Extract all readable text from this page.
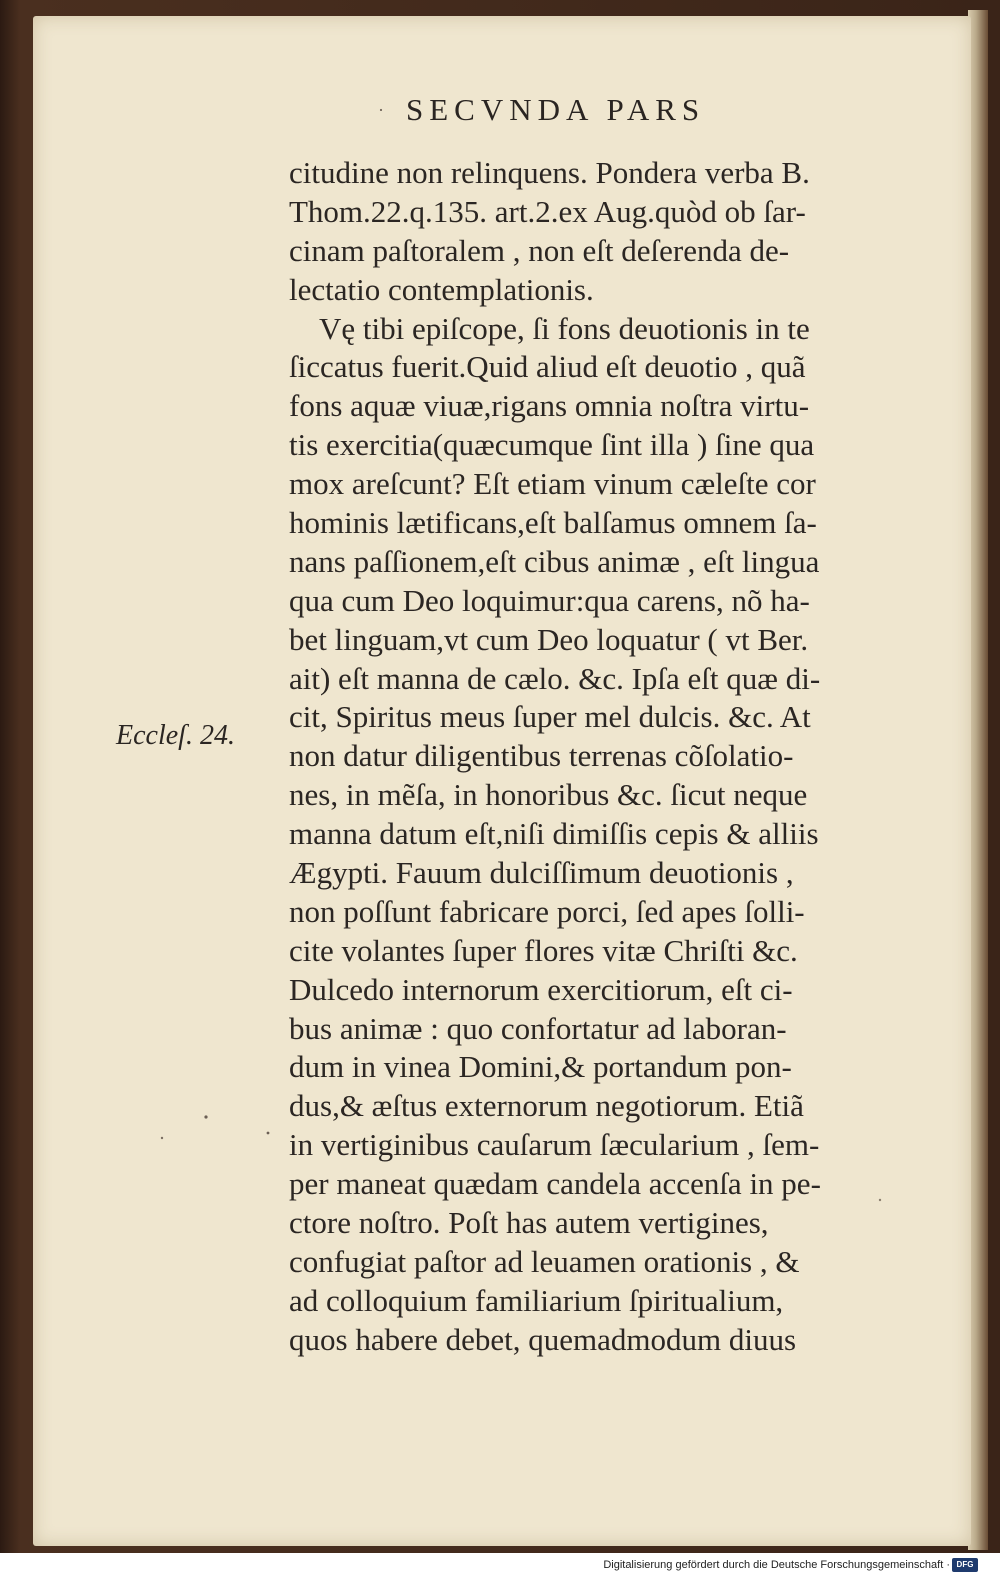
· SECVNDA PARS
Eccleſ. 24.
citudine non relinquens. Pondera verba B.
Thom.22.q.135. art.2.ex Aug.quòd ob ſar-
cinam paſtoralem , non eſt deſerenda de-
lectatio contemplationis.
Vę tibi epiſcope, ſi fons deuotionis in te
ſiccatus fuerit.Quid aliud eſt deuotio , quã
fons aquæ viuæ,rigans omnia noſtra virtu-
tis exercitia(quæcumque ſint illa ) ſine qua
mox areſcunt? Eſt etiam vinum cæleſte cor
hominis lætificans,eſt balſamus omnem ſa-
nans paſſionem,eſt cibus animæ , eſt lingua
qua cum Deo loquimur:qua carens, nõ ha-
bet linguam,vt cum Deo loquatur ( vt Ber.
ait) eſt manna de cælo. &c. Ipſa eſt quæ di-
cit, Spiritus meus ſuper mel dulcis. &c. At
non datur diligentibus terrenas cõſolatio-
nes, in mẽſa, in honoribus &c. ſicut neque
manna datum eſt,niſi dimiſſis cepis & alliis
Ægypti. Fauum dulciſſimum deuotionis ,
non poſſunt fabricare porci, ſed apes ſolli-
cite volantes ſuper flores vitæ Chriſti &c.
Dulcedo internorum exercitiorum, eſt ci-
bus animæ : quo confortatur ad laboran-
dum in vinea Domini,& portandum pon-
dus,& æſtus externorum negotiorum. Etiã
in vertiginibus cauſarum ſæcularium , ſem-
per maneat quædam candela accenſa in pe-
ctore noſtro. Poſt has autem vertigines,
confugiat paſtor ad leuamen orationis , &
ad colloquium familiarium ſpiritualium,
quos habere debet, quemadmodum diuus
Digitalisierung gefördert durch die Deutsche Forschungsgemeinschaft · DFG
